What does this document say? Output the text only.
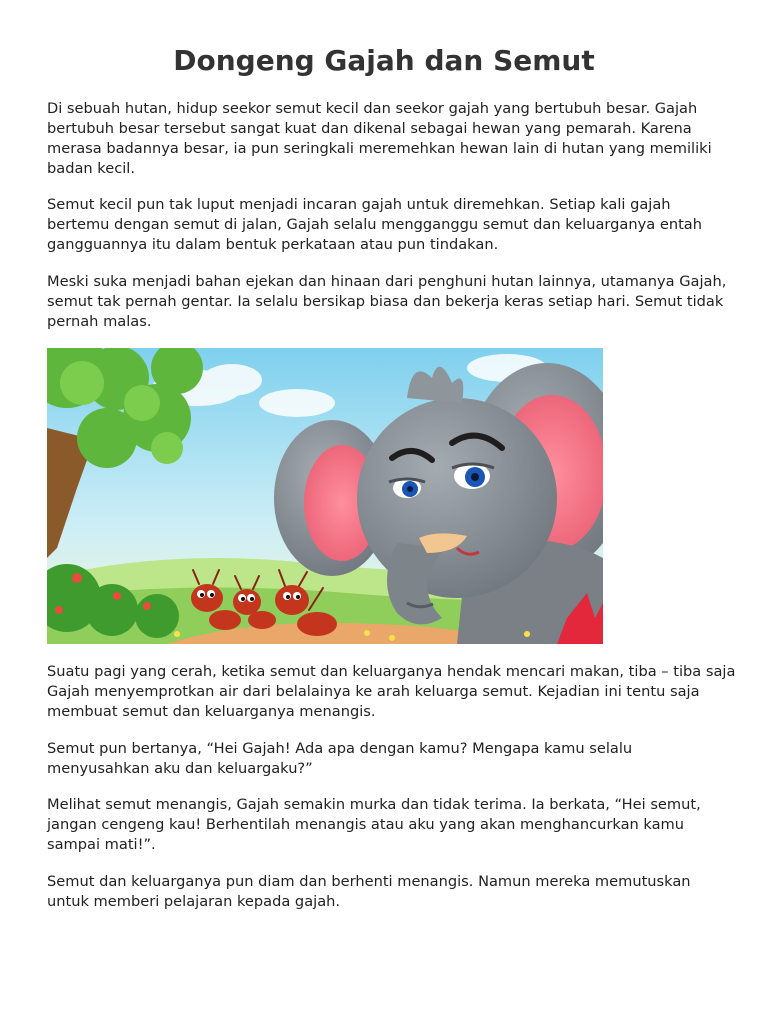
Dongeng Gajah dan Semut

Di sebuah hutan, hidup seekor semut kecil dan seekor gajah yang bertubuh besar. Gajah bertubuh besar tersebut sangat kuat dan dikenal sebagai hewan yang pemarah. Karena merasa badannya besar, ia pun seringkali meremehkan hewan lain di hutan yang memiliki badan kecil.

Semut kecil pun tak luput menjadi incaran gajah untuk diremehkan. Setiap kali gajah bertemu dengan semut di jalan, Gajah selalu mengganggu semut dan keluarganya entah gangguannya itu dalam bentuk perkataan atau pun tindakan.

Meski suka menjadi bahan ejekan dan hinaan dari penghuni hutan lainnya, utamanya Gajah, semut tak pernah gentar. Ia selalu bersikap biasa dan bekerja keras setiap hari. Semut tidak pernah malas.

Suatu pagi yang cerah, ketika semut dan keluarganya hendak mencari makan, tiba – tiba saja Gajah menyemprotkan air dari belalainya ke arah keluarga semut. Kejadian ini tentu saja membuat semut dan keluarganya menangis.

Semut pun bertanya, “Hei Gajah! Ada apa dengan kamu? Mengapa kamu selalu menyusahkan aku dan keluargaku?”

Melihat semut menangis, Gajah semakin murka dan tidak terima. Ia berkata, “Hei semut, jangan cengeng kau! Berhentilah menangis atau aku yang akan menghancurkan kamu sampai mati!”.

Semut dan keluarganya pun diam dan berhenti menangis. Namun mereka memutuskan untuk memberi pelajaran kepada gajah.
